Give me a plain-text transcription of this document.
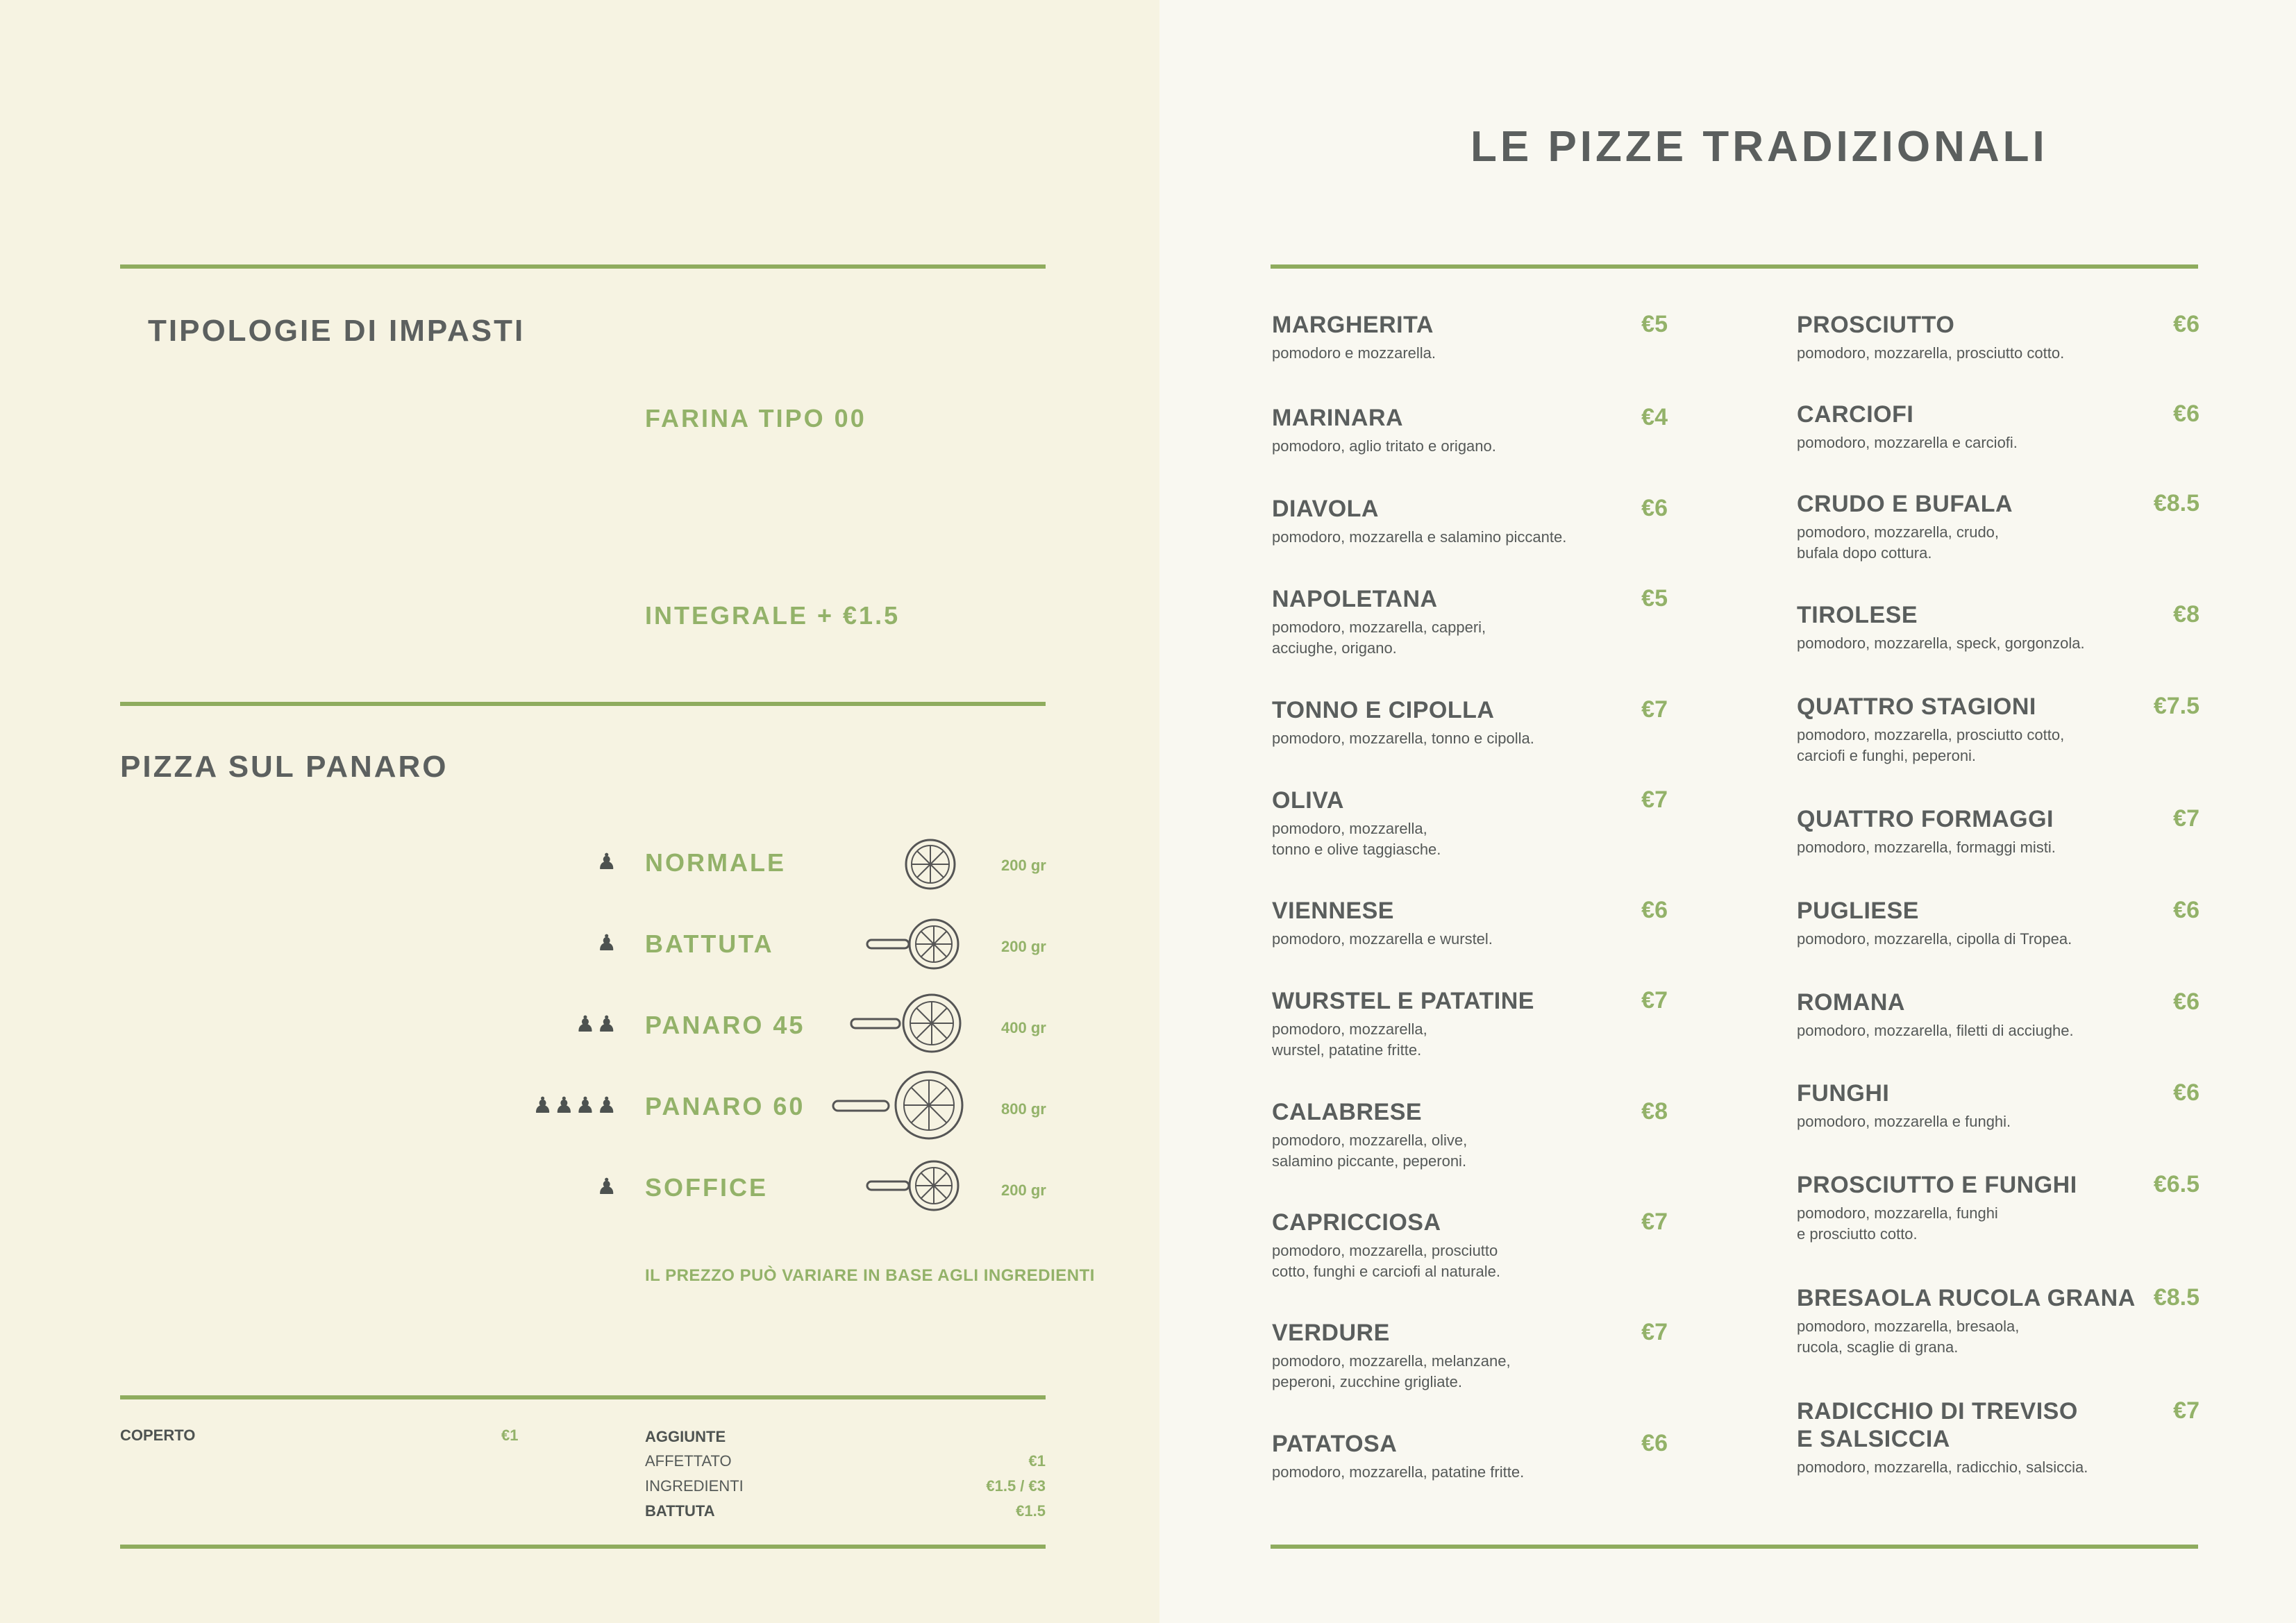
TIPOLOGIE DI IMPASTI
FARINA TIPO 00
INTEGRALE + €1.5
PIZZA SUL PANARO
♟ NORMALE	200 gr
♟ BATTUTA	200 gr
♟♟ PANARO 45	400 gr
♟♟♟♟ PANARO 60	800 gr
♟ SOFFICE	200 gr
IL PREZZO PUÒ VARIARE IN BASE AGLI INGREDIENTI
COPERTO	€1	AGGIUNTE
AFFETTATO	€1
INGREDIENTI	€1.5 / €3
BATTUTA	€1.5
LE PIZZE TRADIZIONALI
MARGHERITA
pomodoro e mozzarella.
€5
MARINARA
pomodoro, aglio tritato e origano.
€4
DIAVOLA
pomodoro, mozzarella e salamino piccante.
€6
NAPOLETANA
pomodoro, mozzarella, capperi,
acciughe, origano.
€5
TONNO E CIPOLLA
pomodoro, mozzarella, tonno e cipolla.
€7
OLIVA
pomodoro, mozzarella,
tonno e olive taggiasche.
€7
VIENNESE
pomodoro, mozzarella e wurstel.
€6
WURSTEL E PATATINE
pomodoro, mozzarella,
wurstel, patatine fritte.
€7
CALABRESE
pomodoro, mozzarella, olive,
salamino piccante, peperoni.
€8
CAPRICCIOSA
pomodoro, mozzarella, prosciutto
cotto, funghi e carciofi al naturale.
€7
VERDURE
pomodoro, mozzarella, melanzane,
peperoni, zucchine grigliate.
€7
PATATOSA
pomodoro, mozzarella, patatine fritte.
€6
PROSCIUTTO
pomodoro, mozzarella, prosciutto cotto.
€6
CARCIOFI
pomodoro, mozzarella e carciofi.
€6
CRUDO E BUFALA
pomodoro, mozzarella, crudo,
bufala dopo cottura.
€8.5
TIROLESE
pomodoro, mozzarella, speck, gorgonzola.
€8
QUATTRO STAGIONI
pomodoro, mozzarella, prosciutto cotto,
carciofi e funghi, peperoni.
€7.5
QUATTRO FORMAGGI
pomodoro, mozzarella, formaggi misti.
€7
PUGLIESE
pomodoro, mozzarella, cipolla di Tropea.
€6
ROMANA
pomodoro, mozzarella, filetti di acciughe.
€6
FUNGHI
pomodoro, mozzarella e funghi.
€6
PROSCIUTTO E FUNGHI
pomodoro, mozzarella, funghi
e prosciutto cotto.
€6.5
BRESAOLA RUCOLA GRANA
pomodoro, mozzarella, bresaola,
rucola, scaglie di grana.
€8.5
RADICCHIO DI TREVISO
E SALSICCIA
pomodoro, mozzarella, radicchio, salsiccia.
€7
